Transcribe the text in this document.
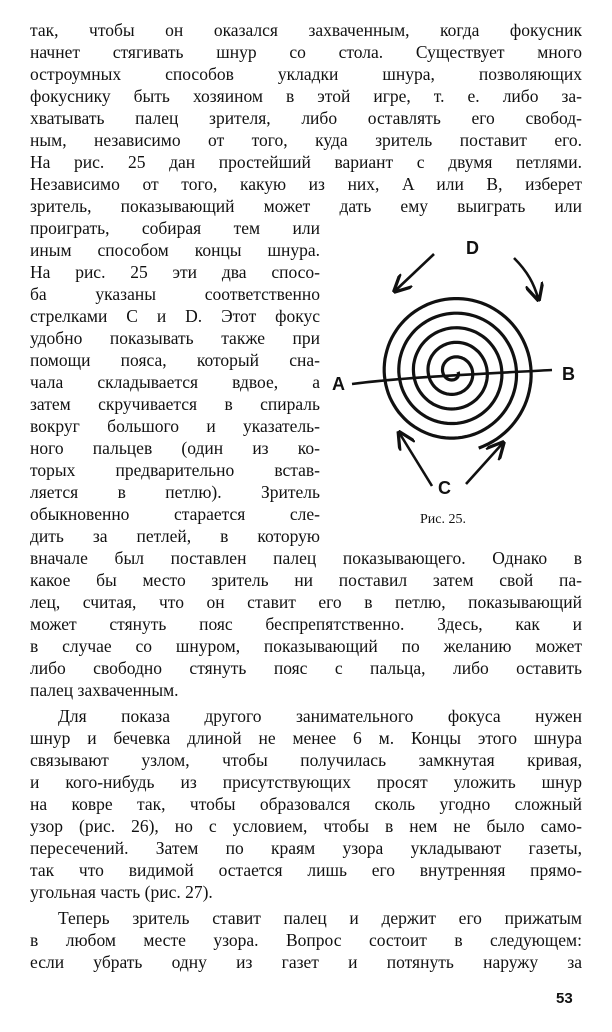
так, чтобы он оказался захваченным, когда фокусник
начнет стягивать шнур со стола. Существует много
остроумных способов укладки шнура, позволяющих
фокуснику быть хозяином в этой игре, т. е. либо за-
хватывать палец зрителя, либо оставлять его свобод-
ным, независимо от того, куда зритель поставит его.
На рис. 25 дан простейший вариант с двумя петлями.
Независимо от того, какую из них, A или B, изберет
зритель, показывающий может дать ему выиграть или
проиграть, собирая тем или
иным способом концы шнура.
На рис. 25 эти два спосо-
ба указаны соответственно
стрелками C и D. Этот фокус
удобно показывать также при
помощи пояса, который сна-
чала складывается вдвое, а
затем скручивается в спираль
вокруг большого и указатель-
ного пальцев (один из ко-
торых предварительно встав-
ляется в петлю). Зритель
обыкновенно старается сле-
дить за петлей, в которую
вначале был поставлен палец показывающего. Однако в
какое бы место зритель ни поставил затем свой па-
лец, считая, что он ставит его в петлю, показывающий
может стянуть пояс беспрепятственно. Здесь, как и
в случае со шнуром, показывающий по желанию может
либо свободно стянуть пояс с пальца, либо оставить
палец захваченным.
Для показа другого занимательного фокуса нужен
шнур и бечевка длиной не менее 6 м. Концы этого шнура
связывают узлом, чтобы получилась замкнутая кривая,
и кого-нибудь из присутствующих просят уложить шнур
на ковре так, чтобы образовался сколь угодно сложный
узор (рис. 26), но с условием, чтобы в нем не было само-
пересечений. Затем по краям узора укладывают газеты,
так что видимой остается лишь его внутренняя прямо-
угольная часть (рис. 27).
Теперь зритель ставит палец и держит его прижатым
в любом месте узора. Вопрос состоит в следующем:
если убрать одну из газет и потянуть наружу за
D
A	B
C
Рис. 25.
53
